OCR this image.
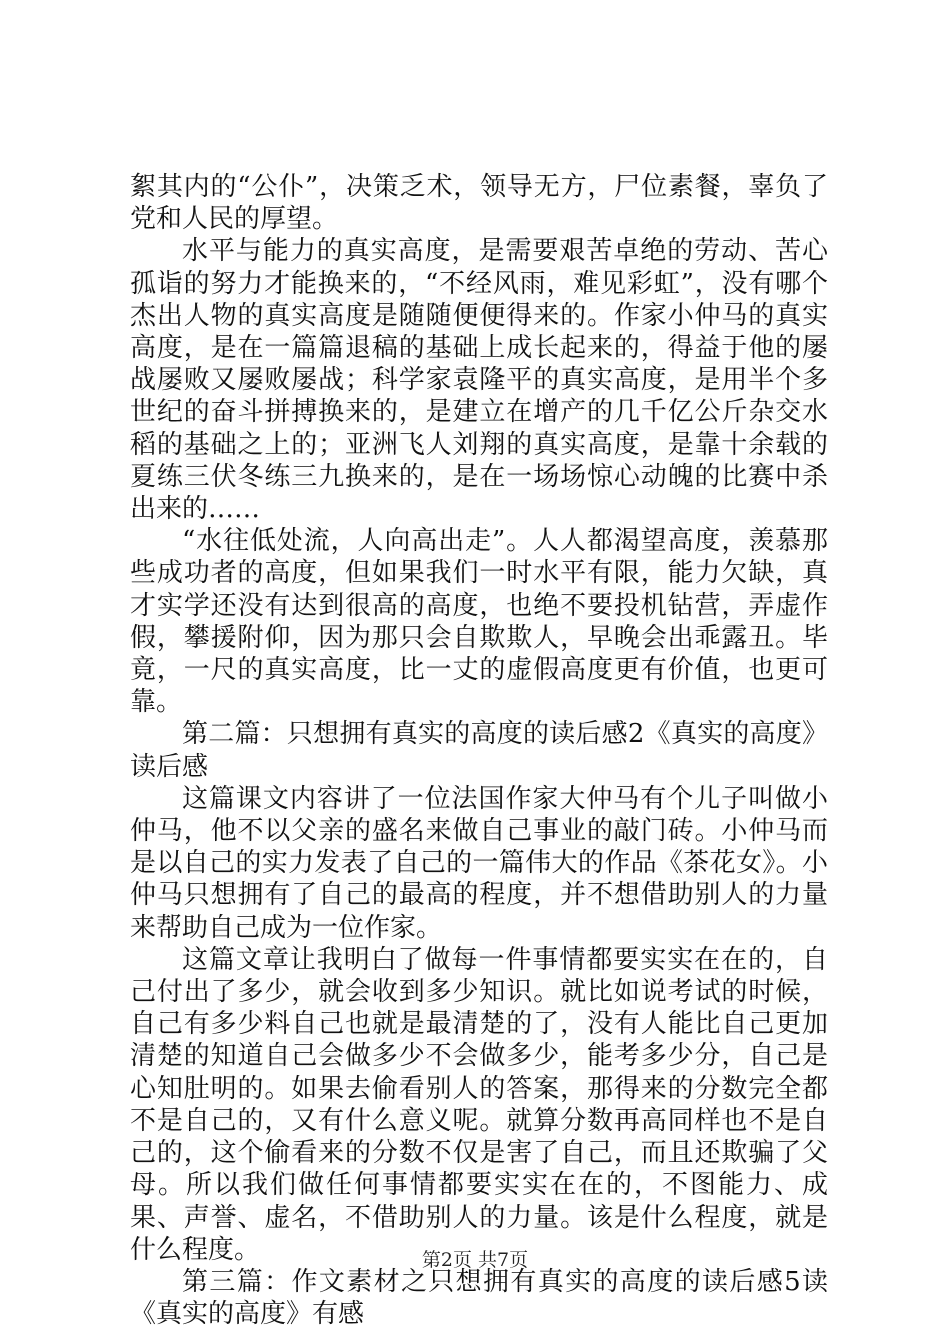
絮其内的“公仆”，决策乏术，领导无方，尸位素餐，辜负了党和人民的厚望。

水平与能力的真实高度，是需要艰苦卓绝的劳动、苦心孤诣的努力才能换来的，“不经风雨，难见彩虹”，没有哪个杰出人物的真实高度是随随便便得来的。作家小仲马的真实高度，是在一篇篇退稿的基础上成长起来的，得益于他的屡战屡败又屡败屡战；科学家袁隆平的真实高度，是用半个多世纪的奋斗拼搏换来的，是建立在增产的几千亿公斤杂交水稻的基础之上的；亚洲飞人刘翔的真实高度，是靠十余载的夏练三伏冬练三九换来的，是在一场场惊心动魄的比赛中杀出来的……

“水往低处流，人向高出走”。人人都渴望高度，羡慕那些成功者的高度，但如果我们一时水平有限，能力欠缺，真才实学还没有达到很高的高度，也绝不要投机钻营，弄虚作假，攀援附仰，因为那只会自欺欺人，早晚会出乖露丑。毕竟，一尺的真实高度，比一丈的虚假高度更有价值，也更可靠。

第二篇：只想拥有真实的高度的读后感2《真实的高度》读后感

这篇课文内容讲了一位法国作家大仲马有个儿子叫做小仲马，他不以父亲的盛名来做自己事业的敲门砖。小仲马而是以自己的实力发表了自己的一篇伟大的作品《茶花女》。小仲马只想拥有了自己的最高的程度，并不想借助别人的力量来帮助自己成为一位作家。

这篇文章让我明白了做每一件事情都要实实在在的，自己付出了多少，就会收到多少知识。就比如说考试的时候，自己有多少料自己也就是最清楚的了，没有人能比自己更加清楚的知道自己会做多少不会做多少，能考多少分，自己是心知肚明的。如果去偷看别人的答案，那得来的分数完全都不是自己的，又有什么意义呢。就算分数再高同样也不是自己的，这个偷看来的分数不仅是害了自己，而且还欺骗了父母。所以我们做任何事情都要实实在在的，不图能力、成果、声誉、虚名，不借助别人的力量。该是什么程度，就是什么程度。

第三篇：作文素材之只想拥有真实的高度的读后感5读《真实的高度》有感

第2页 共7页
